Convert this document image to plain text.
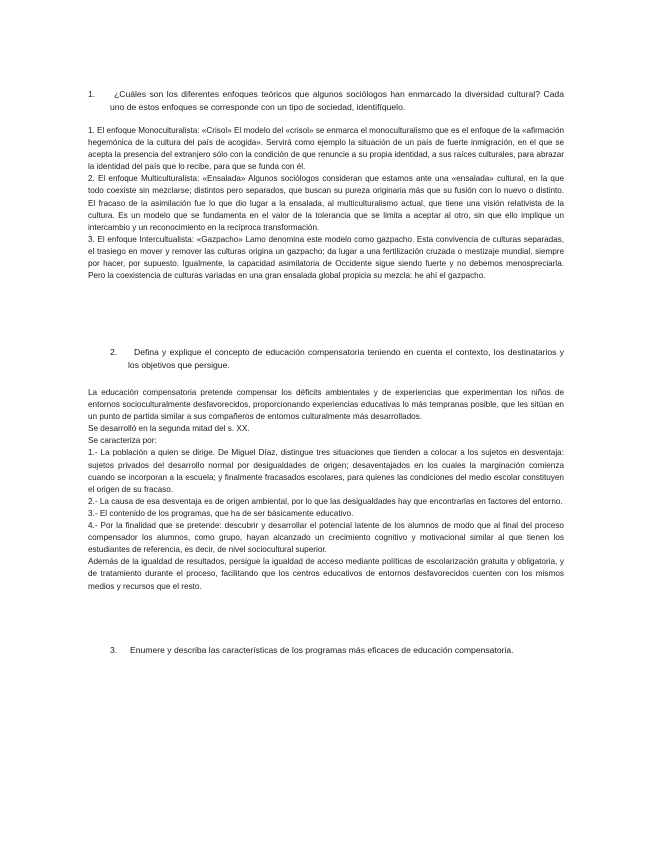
1.	¿Cuáles son los diferentes enfoques teóricos que algunos sociólogos han enmarcado la diversidad cultural? Cada uno de estos enfoques se corresponde con un tipo de sociedad, identifíquelo.

1. El enfoque Monoculturalista: «Crisol» El modelo del «crisol» se enmarca el monoculturalismo que es el enfoque de la «afirmación hegemónica de la cultura del país de acogida». Servirá como ejemplo la situación de un país de fuerte inmigración, en el que se acepta la presencia del extranjero sólo con la condición de que renuncie a su propia identidad, a sus raíces culturales, para abrazar la identidad del país que lo recibe, para que se funda con él.

2. El enfoque Multiculturalista: «Ensalada» Algunos sociólogos consideran que estamos ante una «ensalada» cultural, en la que todo coexiste sin mezclarse; distintos pero separados, que buscan su pureza originaria más que su fusión con lo nuevo o distinto. El fracaso de la asimilación fue lo que dio lugar a la ensalada, al multiculturalismo actual, que tiene una visión relativista de la cultura. Es un modelo que se fundamenta en el valor de la tolerancia que se limita a aceptar al otro, sin que ello implique un intercambio y un reconocimiento en la recíproca transformación.

3. El enfoque Intercultualista: «Gazpacho» Lamo denomina este modelo como gazpacho. Esta convivencia de culturas separadas, el trasiego en mover y remover las culturas origina un gazpacho; da lugar a una fertilización cruzada o mestizaje mundial, siempre por hacer, por supuesto. Igualmente, la capacidad asimilatoria de Occidente sigue siendo fuerte y no debemos menospreciarla. Pero la coexistencia de culturas variadas en una gran ensalada global propicia su mezcla: he ahí el gazpacho.

2.	Defina y explique el concepto de educación compensatoria teniendo en cuenta el contexto, los destinatarios y los objetivos que persigue.

La educación compensatoria pretende compensar los déficits ambientales y de experiencias que experimentan los niños de entornos socioculturalmente desfavorecidos, proporcionando experiencias educativas lo más tempranas posible, que les sitúan en un punto de partida similar a sus compañeros de entornos culturalmente más desarrollados.

Se desarrolló en la segunda mitad del s. XX.

Se caracteriza por:

1.- La población a quien se dirige. De Miguel Díaz, distingue tres situaciones que tienden a colocar a los sujetos en desventaja: sujetos privados del desarrollo normal por desigualdades de origen; desaventajados en los cuales la marginación comienza cuando se incorporan a la escuela; y finalmente fracasados escolares, para quienes las condiciones del medio escolar constituyen el origen de su fracaso.

2.- La causa de esa desventaja es de origen ambiental, por lo que las desigualdades hay que encontrarlas en factores del entorno.

3.- El contenido de los programas, que ha de ser básicamente educativo.

4.- Por la finalidad que se pretende: descubrir y desarrollar el potencial latente de los alumnos de modo que al final del proceso compensador los alumnos, como grupo, hayan alcanzado un crecimiento cognitivo y motivacional similar al que tienen los estudiantes de referencia, es decir, de nivel sociocultural superior.

Además de la igualdad de resultados, persigue la igualdad de acceso mediante políticas de escolarización gratuita y obligatoria, y de tratamiento durante el proceso, facilitando que los centros educativos de entornos desfavorecidos cuenten con los mismos medios y recursos que el resto.

3.	Enumere y describa las características de los programas más eficaces de educación compensatoria.
